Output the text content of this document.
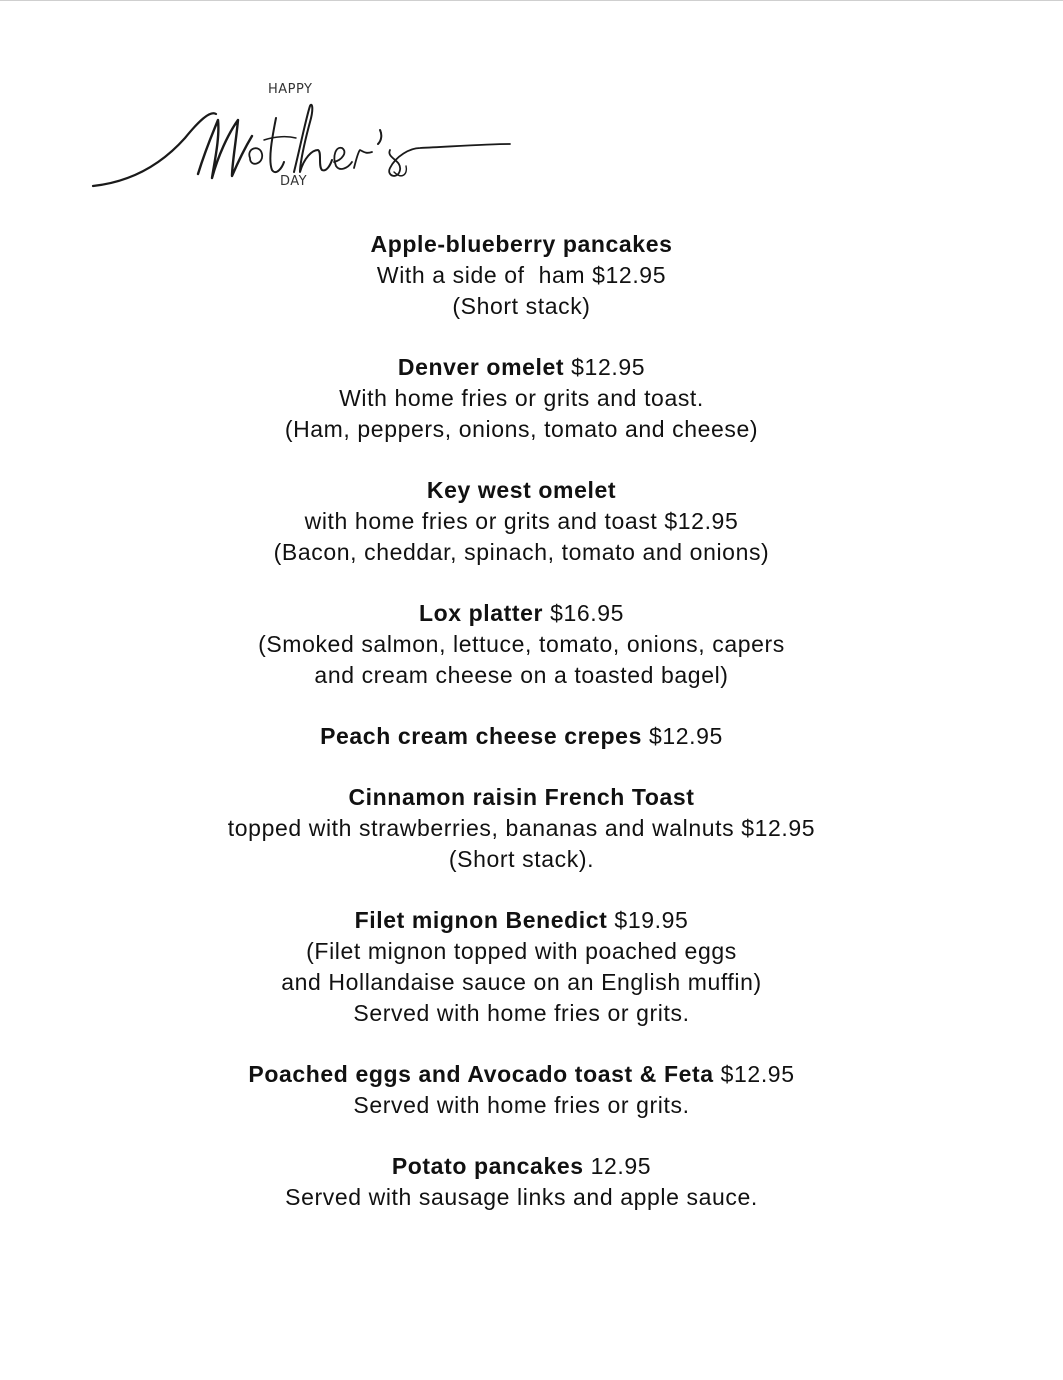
HAPPY
DAY
Apple-blueberry pancakes
With a side of  ham $12.95
(Short stack)
Denver omelet $12.95
With home fries or grits and toast.
(Ham, peppers, onions, tomato and cheese)
Key west omelet
with home fries or grits and toast $12.95
(Bacon, cheddar, spinach, tomato and onions)
Lox platter $16.95
(Smoked salmon, lettuce, tomato, onions, capers
and cream cheese on a toasted bagel)
Peach cream cheese crepes $12.95
Cinnamon raisin French Toast
topped with strawberries, bananas and walnuts $12.95
(Short stack).
Filet mignon Benedict $19.95
(Filet mignon topped with poached eggs
and Hollandaise sauce on an English muffin)
Served with home fries or grits.
Poached eggs and Avocado toast & Feta $12.95
Served with home fries or grits.
Potato pancakes 12.95
Served with sausage links and apple sauce.
